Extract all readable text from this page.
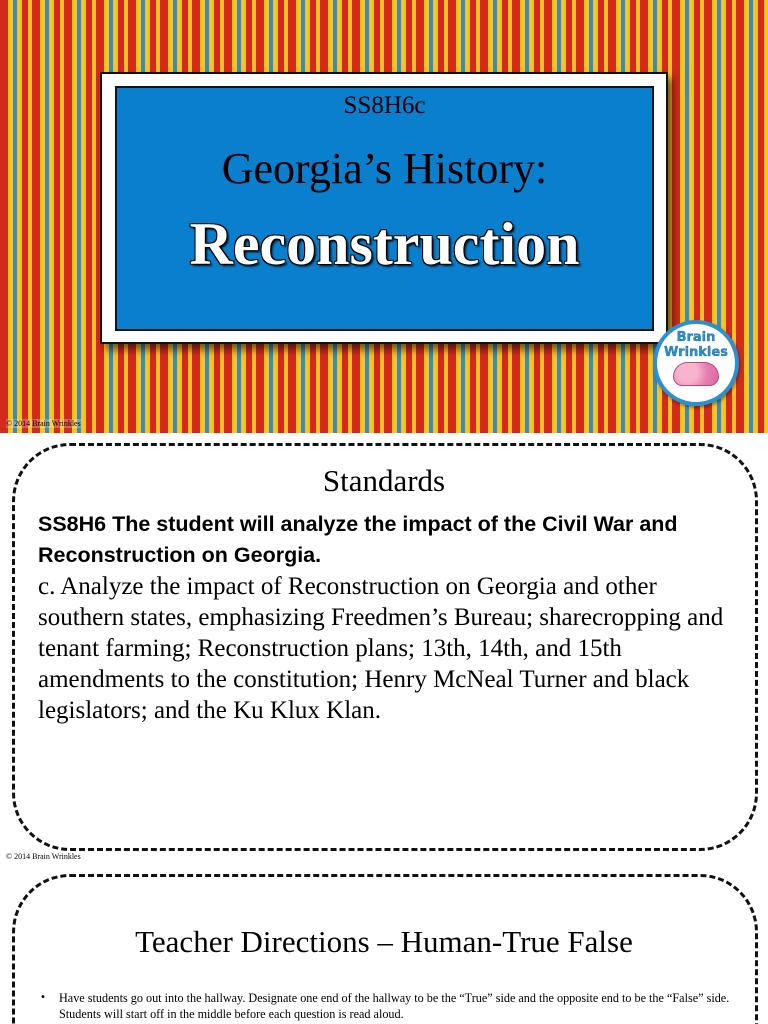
SS8H6c
Georgia’s History:
Reconstruction
Brain
Wrinkles
© 2014 Brain Wrinkles
Standards
SS8H6 The student will analyze the impact of the Civil War and Reconstruction on Georgia.
c. Analyze the impact of Reconstruction on Georgia and other southern states, emphasizing Freedmen’s Bureau; sharecropping and tenant farming; Reconstruction plans; 13th, 14th, and 15th amendments to the constitution; Henry McNeal Turner and black legislators; and the Ku Klux Klan.
© 2014 Brain Wrinkles
Teacher Directions – Human-True False
• Have students go out into the hallway. Designate one end of the hallway to be the “True” side and the opposite end to be the “False” side. Students will start off in the middle before each question is read aloud.
